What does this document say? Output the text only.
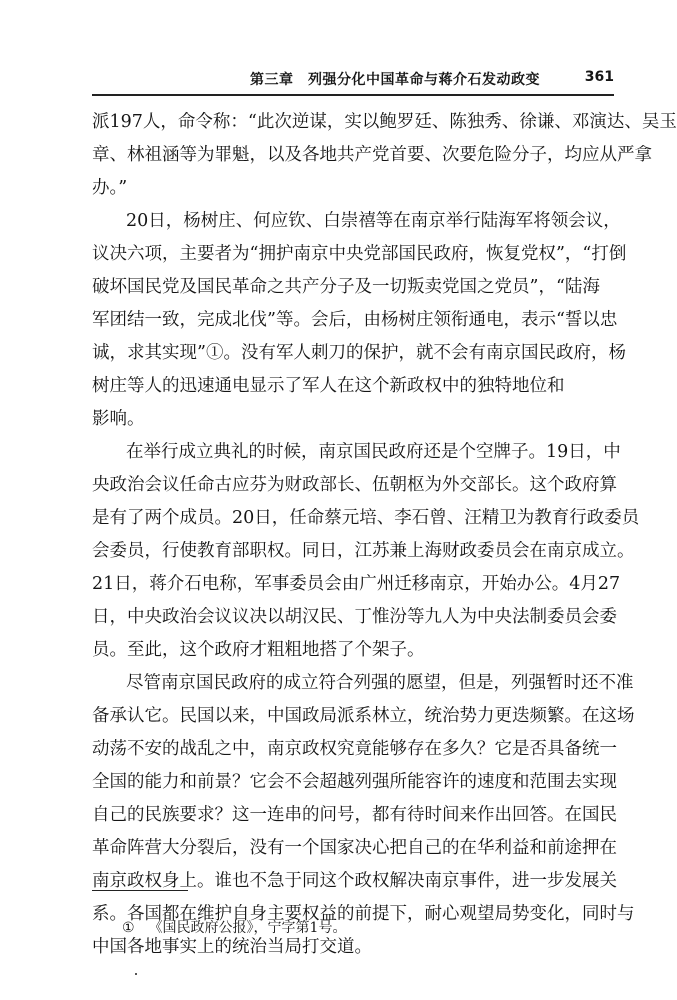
第三章　列强分化中国革命与蒋介石发动政变	361
派197人，命令称：“此次逆谋，实以鲍罗廷、陈独秀、徐谦、邓演达、吴玉
章、林祖涵等为罪魁，以及各地共产党首要、次要危险分子，均应从严拿
办。”
20日，杨树庄、何应钦、白崇禧等在南京举行陆海军将领会议，
议决六项，主要者为“拥护南京中央党部国民政府，恢复党权”，“打倒
破坏国民党及国民革命之共产分子及一切叛卖党国之党员”，“陆海
军团结一致，完成北伐”等。会后，由杨树庄领衔通电，表示“誓以忠
诚，求其实现”①。没有军人刺刀的保护，就不会有南京国民政府，杨
树庄等人的迅速通电显示了军人在这个新政权中的独特地位和
影响。
在举行成立典礼的时候，南京国民政府还是个空牌子。19日，中
央政治会议任命古应芬为财政部长、伍朝枢为外交部长。这个政府算
是有了两个成员。20日，任命蔡元培、李石曾、汪精卫为教育行政委员
会委员，行使教育部职权。同日，江苏兼上海财政委员会在南京成立。
21日，蒋介石电称，军事委员会由广州迁移南京，开始办公。4月27
日，中央政治会议议决以胡汉民、丁惟汾等九人为中央法制委员会委
员。至此，这个政府才粗粗地搭了个架子。
尽管南京国民政府的成立符合列强的愿望，但是，列强暂时还不准
备承认它。民国以来，中国政局派系林立，统治势力更迭频繁。在这场
动荡不安的战乱之中，南京政权究竟能够存在多久？它是否具备统一
全国的能力和前景？它会不会超越列强所能容许的速度和范围去实现
自己的民族要求？这一连串的问号，都有待时间来作出回答。在国民
革命阵营大分裂后，没有一个国家决心把自己的在华利益和前途押在
南京政权身上。谁也不急于同这个政权解决南京事件，进一步发展关
系。各国都在维护自身主要权益的前提下，耐心观望局势变化，同时与
中国各地事实上的统治当局打交道。
① 《国民政府公报》，宁字第1号。
